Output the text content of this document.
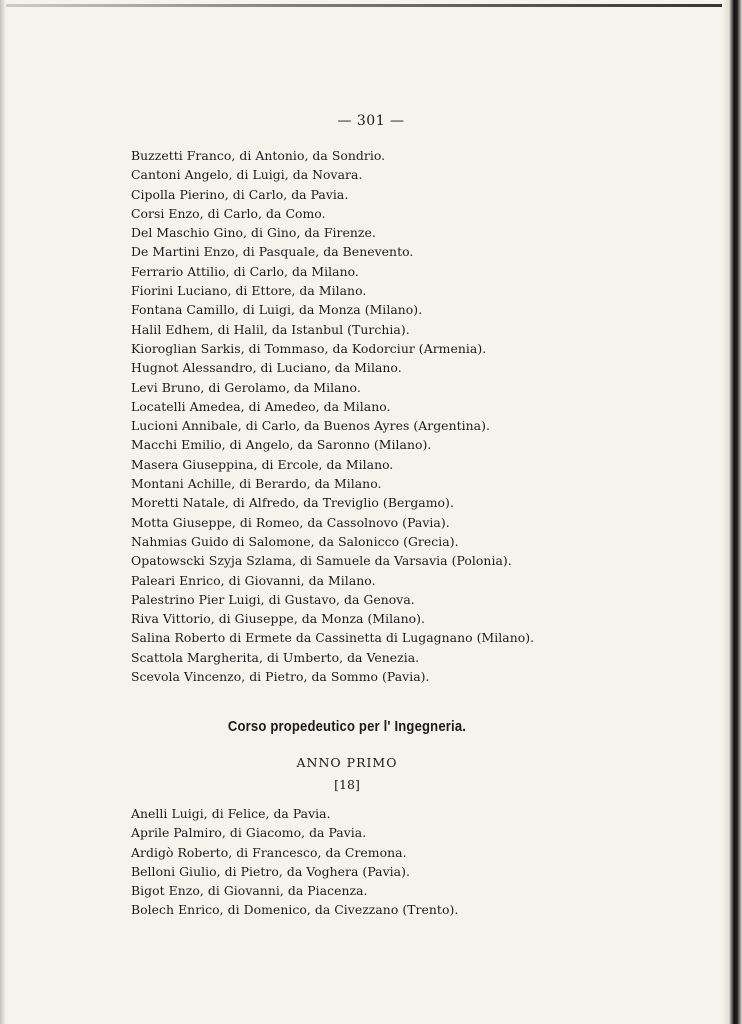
— 301 —
Buzzetti Franco, di Antonio, da Sondrio.
Cantoni Angelo, di Luigi, da Novara.
Cipolla Pierino, di Carlo, da Pavia.
Corsi Enzo, di Carlo, da Como.
Del Maschio Gino, di Gino, da Firenze.
De Martini Enzo, di Pasquale, da Benevento.
Ferrario Attilio, di Carlo, da Milano.
Fiorini Luciano, di Ettore, da Milano.
Fontana Camillo, di Luigi, da Monza (Milano).
Halil Edhem, di Halil, da Istanbul (Turchia).
Kioroglian Sarkis, di Tommaso, da Kodorciur (Armenia).
Hugnot Alessandro, di Luciano, da Milano.
Levi Bruno, di Gerolamo, da Milano.
Locatelli Amedea, di Amedeo, da Milano.
Lucioni Annibale, di Carlo, da Buenos Ayres (Argentina).
Macchi Emilio, di Angelo, da Saronno (Milano).
Masera Giuseppina, di Ercole, da Milano.
Montani Achille, di Berardo, da Milano.
Moretti Natale, di Alfredo, da Treviglio (Bergamo).
Motta Giuseppe, di Romeo, da Cassolnovo (Pavia).
Nahmias Guido di Salomone, da Salonicco (Grecia).
Opatowscki Szyja Szlama, di Samuele da Varsavia (Polonia).
Paleari Enrico, di Giovanni, da Milano.
Palestrino Pier Luigi, di Gustavo, da Genova.
Riva Vittorio, di Giuseppe, da Monza (Milano).
Salina Roberto di Ermete da Cassinetta di Lugagnano (Milano).
Scattola Margherita, di Umberto, da Venezia.
Scevola Vincenzo, di Pietro, da Sommo (Pavia).
Corso propedeutico per l' Ingegneria.
ANNO PRIMO
[18]
Anelli Luigi, di Felice, da Pavia.
Aprile Palmiro, di Giacomo, da Pavia.
Ardigò Roberto, di Francesco, da Cremona.
Belloni Giulio, di Pietro, da Voghera (Pavia).
Bigot Enzo, di Giovanni, da Piacenza.
Bolech Enrico, di Domenico, da Civezzano (Trento).
